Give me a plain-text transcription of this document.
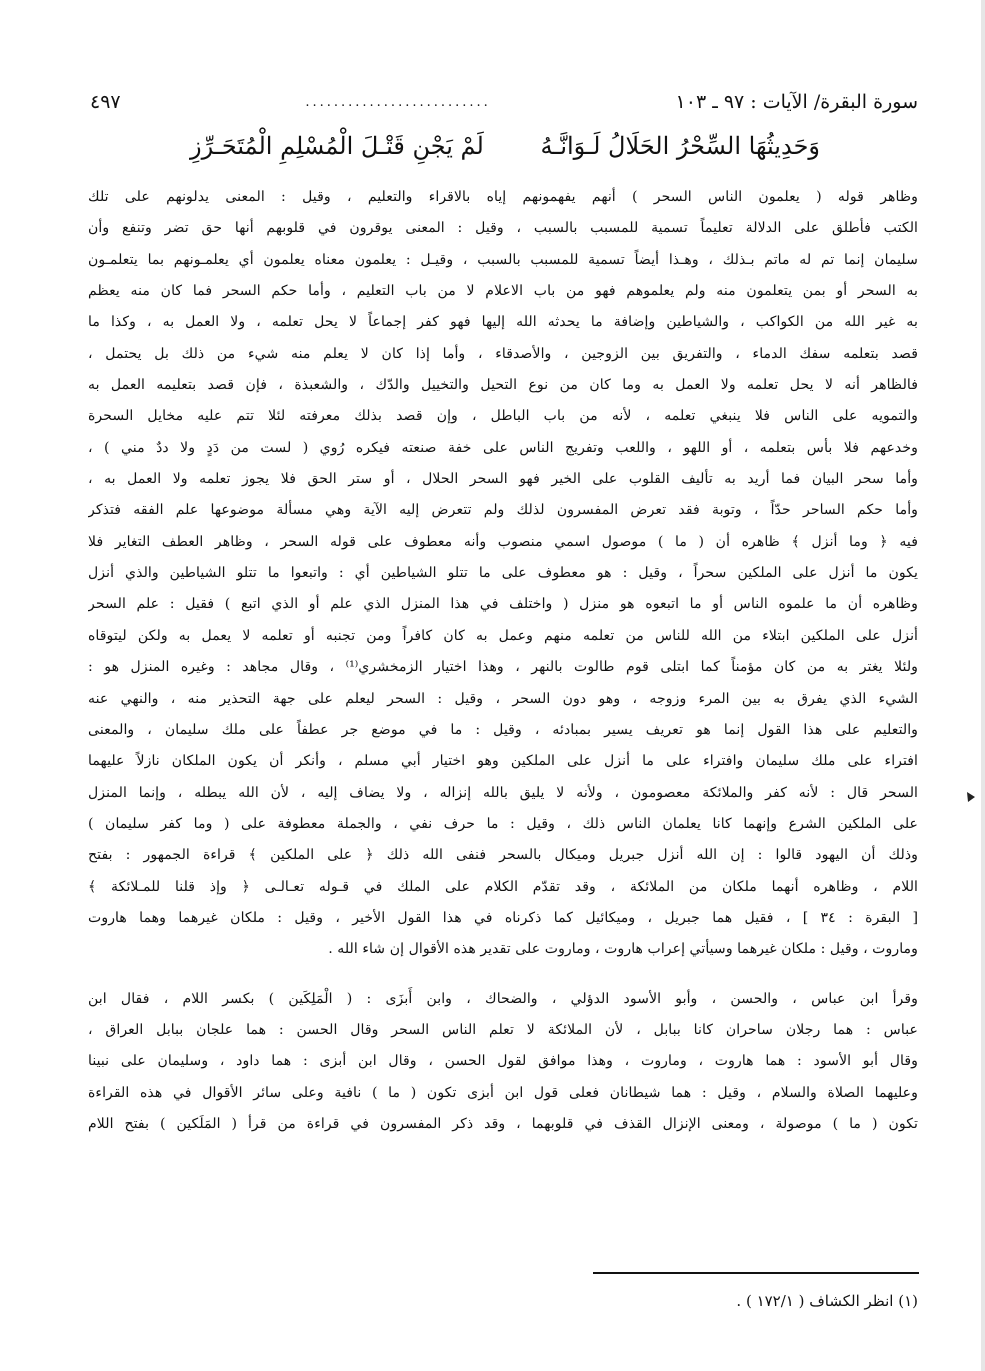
سورة البقرة/ الآيات : ٩٧ ـ ١٠٣
..........................
٤٩٧
وَحَدِيثُهَا السِّحْرُ الحَلَالُ لَـوَانَّـهُ
لَمْ يَجْنِ قَتْـلَ الْمُسْلِمِ الْمُتَحَـرِّزِ
وظاهر قوله ( يعلمون الناس السحر ) أنهم يفهمونهم إياه بالاقراء والتعليم ، وقيل : المعنى يدلونهم على تلك
الكتب فأطلق على الدلالة تعليماً تسمية للمسبب بالسبب ، وقيل : المعنى يوقرون في قلوبهم أنها حق تضر وتنفع وأن
سليمان إنما تم له ماتم بـذلك ، وهـذا أيضاً تسمية للمسبب بالسبب ، وقيـل : يعلمون معناه يعلمون أي يعلمـونهم بما يتعلمـون
به السحر أو بمن يتعلمون منه ولم يعلموهم فهو من باب الاعلام لا من باب التعليم ، وأما حكم السحر فما كان منه يعظم
به غير الله من الكواكب ، والشياطين وإضافة ما يحدثه الله إليها فهو كفر إجماعاً لا يحل تعلمه ، ولا العمل به ، وكذا ما
قصد بتعلمه سفك الدماء ، والتفريق بين الزوجين ، والأصدقاء ، وأما إذا كان لا يعلم منه شيء من ذلك بل يحتمل ،
فالظاهر أنه لا يحل تعلمه ولا العمل به وما كان من نوع التحيل والتخييل والدّك ، والشعبذة ، فإن قصد بتعليمه العمل به
والتمويه على الناس فلا ينبغي تعلمه ، لأنه من باب الباطل ، وإن قصد بذلك معرفته لئلا تتم عليه مخايل السحرة
وخدعهم فلا بأس بتعلمه ، أو اللهو ، واللعب وتفريج الناس على خفة صنعته فيكره رُوي ( لست من دَدٍ ولا ددٌ مني ) ،
وأما سحر البيان فما أريد به تأليف القلوب على الخير فهو السحر الحلال ، أو ستر الحق فلا يجوز تعلمه ولا العمل به ،
وأما حكم الساحر حدّاً ، وتوبة فقد تعرض المفسرون لذلك ولم تتعرض إليه الآية وهي مسألة موضوعها علم الفقه فتذكر
فيه ﴿ وما أنزل ﴾ ظاهره أن ( ما ) موصول اسمي منصوب وأنه معطوف على قوله السحر ، وظاهر العطف التغاير فلا
يكون ما أنزل على الملكين سحراً ، وقيل : هو معطوف على ما تتلو الشياطين أي : واتبعوا ما تتلو الشياطين والذي أنزل
وظاهره أن ما علموه الناس أو ما اتبعوه هو منزل ( واختلف في هذا المنزل الذي علم أو الذي اتبع ) فقيل : علم السحر
أنزل على الملكين ابتلاء من الله للناس من تعلمه منهم وعمل به كان كافراً ومن تجنبه أو تعلمه لا يعمل به ولكن ليتوقاه
ولئلا يغتر به من كان مؤمناً كما ابتلى قوم طالوت بالنهر ، وهذا اختيار الزمخشري⁽¹⁾ ، وقال مجاهد : وغيره المنزل هو :
الشيء الذي يفرق به بين المرء وزوجه ، وهو دون السحر ، وقيل : السحر ليعلم على جهة التحذير منه ، والنهي عنه
والتعليم على هذا القول إنما هو تعريف يسير بمبادئه ، وقيل : ما في موضع جر عطفاً على ملك سليمان ، والمعنى
افتراء على ملك سليمان وافتراء على ما أنزل على الملكين وهو اختيار أبي مسلم ، وأنكر أن يكون الملكان نازلاً عليهما
السحر قال : لأنه كفر والملائكة معصومون ، ولأنه لا يليق بالله إنزاله ، ولا يضاف إليه ، لأن الله يبطله ، وإنما المنزل
على الملكين الشرع وإنهما كانا يعلمان الناس ذلك ، وقيل : ما حرف نفي ، والجملة معطوفة على ( وما كفر سليمان )
وذلك أن اليهود قالوا : إن الله أنزل جبريل وميكال بالسحر فنفى الله ذلك ﴿ على الملكين ﴾ قراءة الجمهور : بفتح
اللام ، وظاهره أنهما ملكان من الملائكة ، وقد تقدّم الكلام على الملك في قـوله تعـالـى ﴿ وإذ قلنا للمـلائكة ﴾
[ البقرة : ٣٤ ] ، فقيل هما جبريل ، وميكائيل كما ذكرناه في هذا القول الأخير ، وقيل : ملكان غيرهما وهما هاروت
وماروت ، وقيل : ملكان غيرهما وسيأتي إعراب هاروت ، وماروت على تقدير هذه الأقوال إن شاء الله .
وقرأ ابن عباس ، والحسن ، وأبو الأسود الدؤلي ، والضحاك ، وابن أَبزَى : ( الْمَلِكَين ) بكسر اللام ، فقال ابن
عباس : هما رجلان ساحران كانا ببابل ، لأن الملائكة لا تعلم الناس السحر وقال الحسن : هما علجان ببابل العراق ،
وقال أبو الأسود : هما هاروت ، وماروت ، وهذا موافق لقول الحسن ، وقال ابن أبزى : هما داود ، وسليمان على نبينا
وعليهما الصلاة والسلام ، وقيل : هما شيطانان فعلى قول ابن أبزى تكون ( ما ) نافية وعلى سائر الأقوال في هذه القراءة
تكون ( ما ) موصولة ، ومعنى الإنزال القذف في قلوبهما ، وقد ذكر المفسرون في قراءة من قرأ ( المَلَكين ) بفتح اللام
(١) انظر الكشاف ( ١٧٢/١ ) .
